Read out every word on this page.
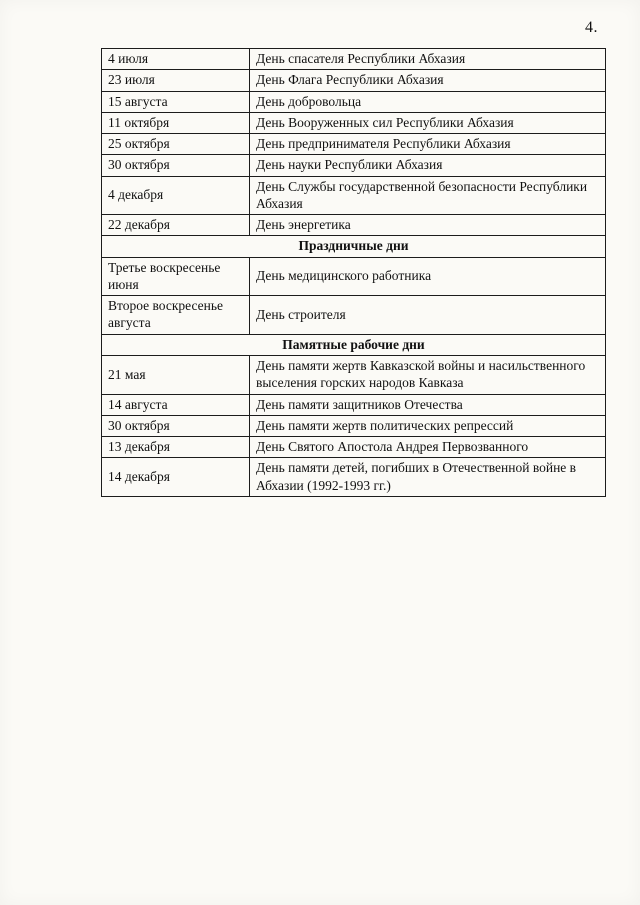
4.
4 июля	День спасателя Республики Абхазия
23 июля	День Флага Республики Абхазия
15 августа	День добровольца
11 октября	День Вооруженных сил Республики Абхазия
25 октября	День предпринимателя Республики Абхазия
30 октября	День науки Республики Абхазия
4 декабря	День Службы государственной безопасности Республики Абхазия
22 декабря	День энергетика
Праздничные дни	
Третье воскресенье июня	День медицинского работника
Второе воскресенье августа	День строителя
Памятные рабочие дни	
21 мая	День памяти жертв Кавказской войны и насильственного выселения горских народов Кавказа
14 августа	День памяти защитников Отечества
30 октября	День памяти жертв политических репрессий
13 декабря	День Святого Апостола Андрея Первозванного
14 декабря	День памяти детей, погибших в Отечественной войне в Абхазии (1992-1993 гг.)
